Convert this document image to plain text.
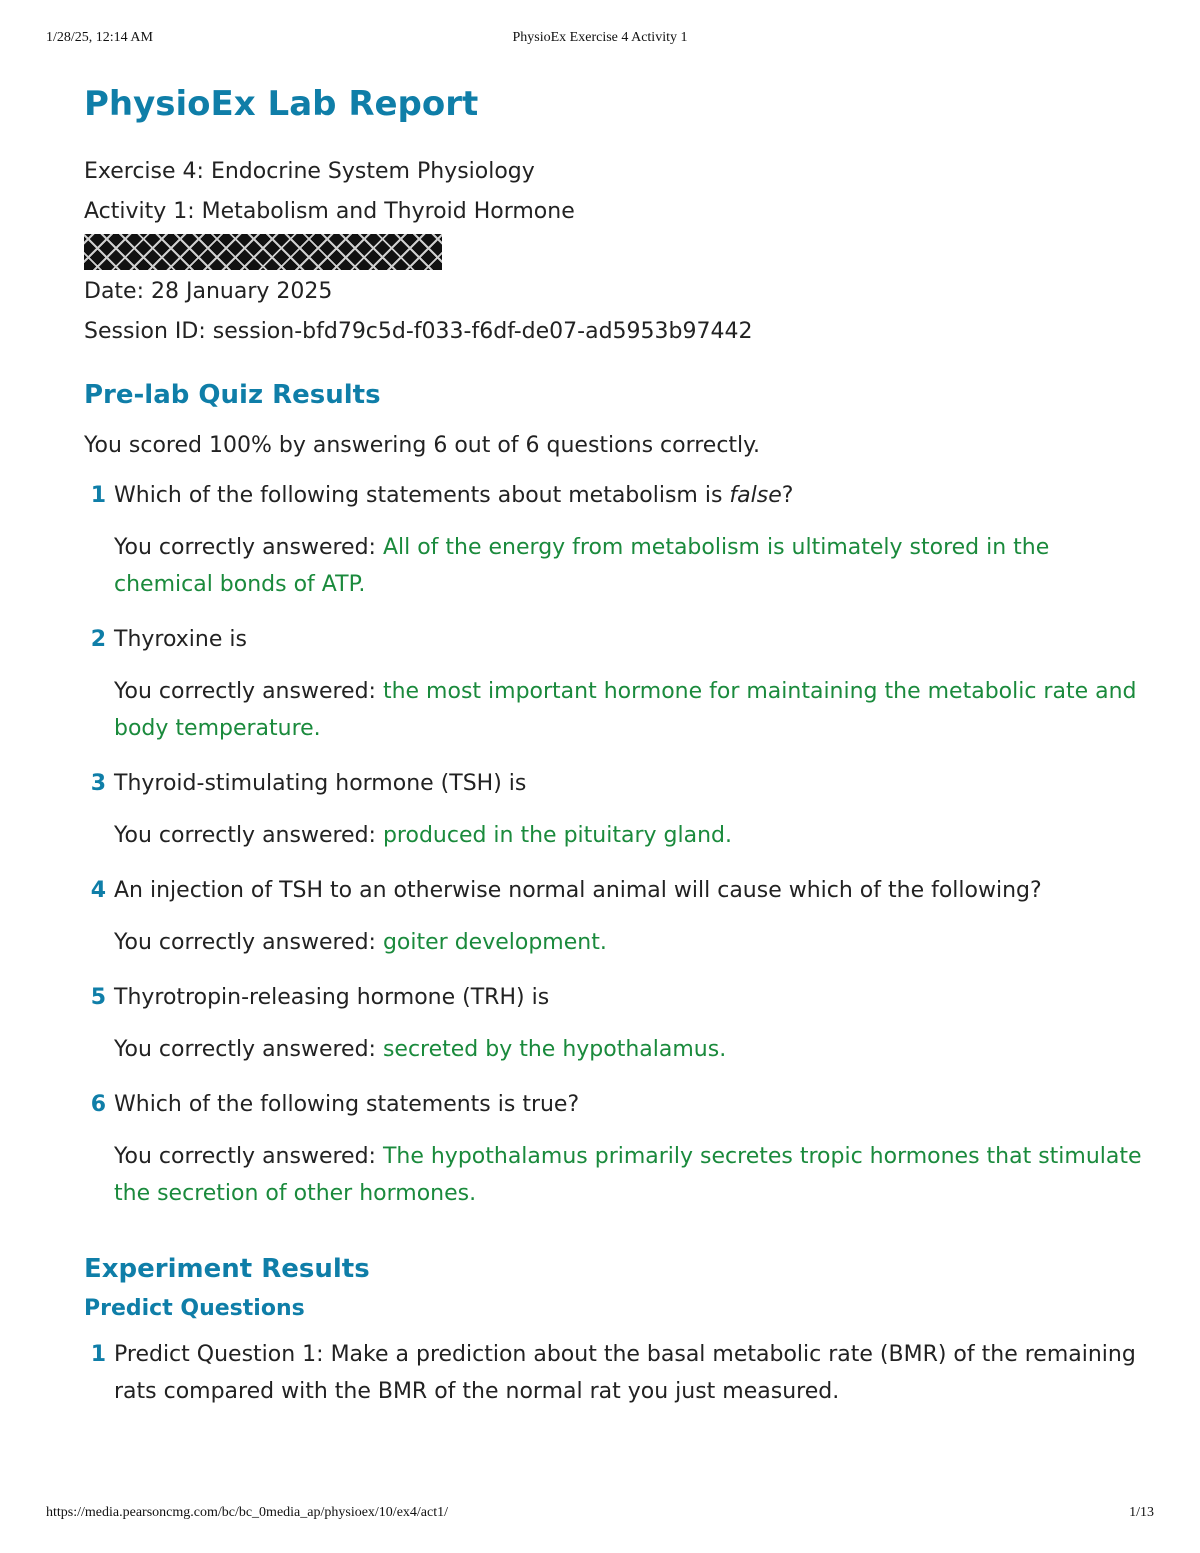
1/28/25, 12:14 AM	PhysioEx Exercise 4 Activity 1
PhysioEx Lab Report
Exercise 4: Endocrine System Physiology
Activity 1: Metabolism and Thyroid Hormone
Date: 28 January 2025
Session ID: session-bfd79c5d-f033-f6df-de07-ad5953b97442
Pre-lab Quiz Results
You scored 100% by answering 6 out of 6 questions correctly.
1 Which of the following statements about metabolism is false?
You correctly answered: All of the energy from metabolism is ultimately stored in the chemical bonds of ATP.
2 Thyroxine is
You correctly answered: the most important hormone for maintaining the metabolic rate and body temperature.
3 Thyroid-stimulating hormone (TSH) is
You correctly answered: produced in the pituitary gland.
4 An injection of TSH to an otherwise normal animal will cause which of the following?
You correctly answered: goiter development.
5 Thyrotropin-releasing hormone (TRH) is
You correctly answered: secreted by the hypothalamus.
6 Which of the following statements is true?
You correctly answered: The hypothalamus primarily secretes tropic hormones that stimulate the secretion of other hormones.
Experiment Results
Predict Questions
1 Predict Question 1: Make a prediction about the basal metabolic rate (BMR) of the remaining rats compared with the BMR of the normal rat you just measured.
https://media.pearsoncmg.com/bc/bc_0media_ap/physioex/10/ex4/act1/	1/13
